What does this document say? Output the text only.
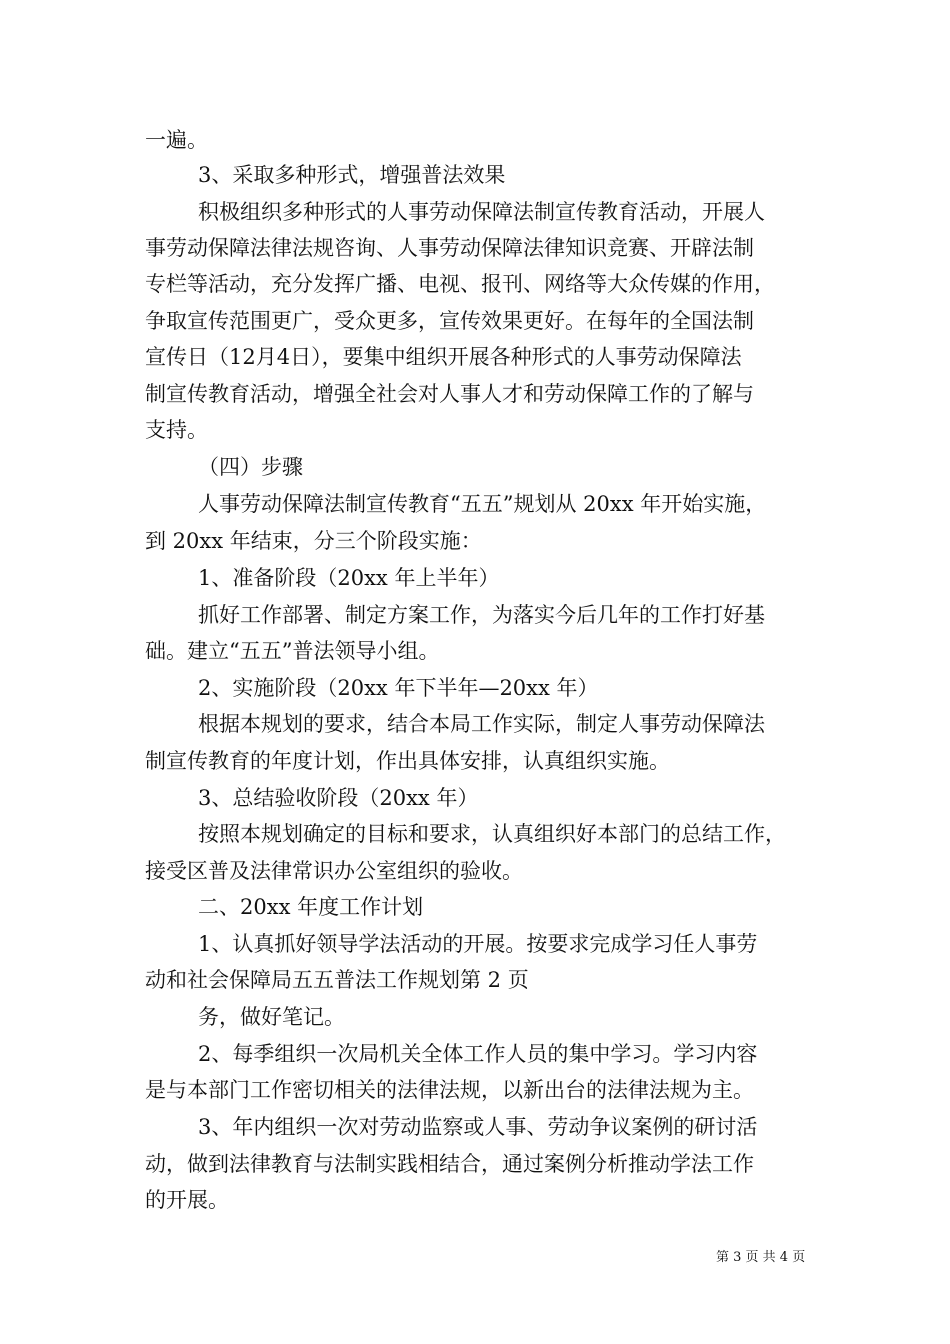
一遍。
3、采取多种形式，增强普法效果
积极组织多种形式的人事劳动保障法制宣传教育活动，开展人
事劳动保障法律法规咨询、人事劳动保障法律知识竞赛、开辟法制
专栏等活动，充分发挥广播、电视、报刊、网络等大众传媒的作用，
争取宣传范围更广，受众更多，宣传效果更好。在每年的全国法制
宣传日（12月4日），要集中组织开展各种形式的人事劳动保障法
制宣传教育活动，增强全社会对人事人才和劳动保障工作的了解与
支持。
（四）步骤
人事劳动保障法制宣传教育“五五”规划从 20xx 年开始实施，
到 20xx 年结束，分三个阶段实施：
1、准备阶段（20xx 年上半年）
抓好工作部署、制定方案工作，为落实今后几年的工作打好基
础。建立“五五”普法领导小组。
2、实施阶段（20xx 年下半年—20xx 年）
根据本规划的要求，结合本局工作实际，制定人事劳动保障法
制宣传教育的年度计划，作出具体安排，认真组织实施。
3、总结验收阶段（20xx 年）
按照本规划确定的目标和要求，认真组织好本部门的总结工作，
接受区普及法律常识办公室组织的验收。
二、20xx 年度工作计划
1、认真抓好领导学法活动的开展。按要求完成学习任人事劳
动和社会保障局五五普法工作规划第 2 页
务，做好笔记。
2、每季组织一次局机关全体工作人员的集中学习。学习内容
是与本部门工作密切相关的法律法规，以新出台的法律法规为主。
3、年内组织一次对劳动监察或人事、劳动争议案例的研讨活
动，做到法律教育与法制实践相结合，通过案例分析推动学法工作
的开展。
第 3 页 共 4 页
